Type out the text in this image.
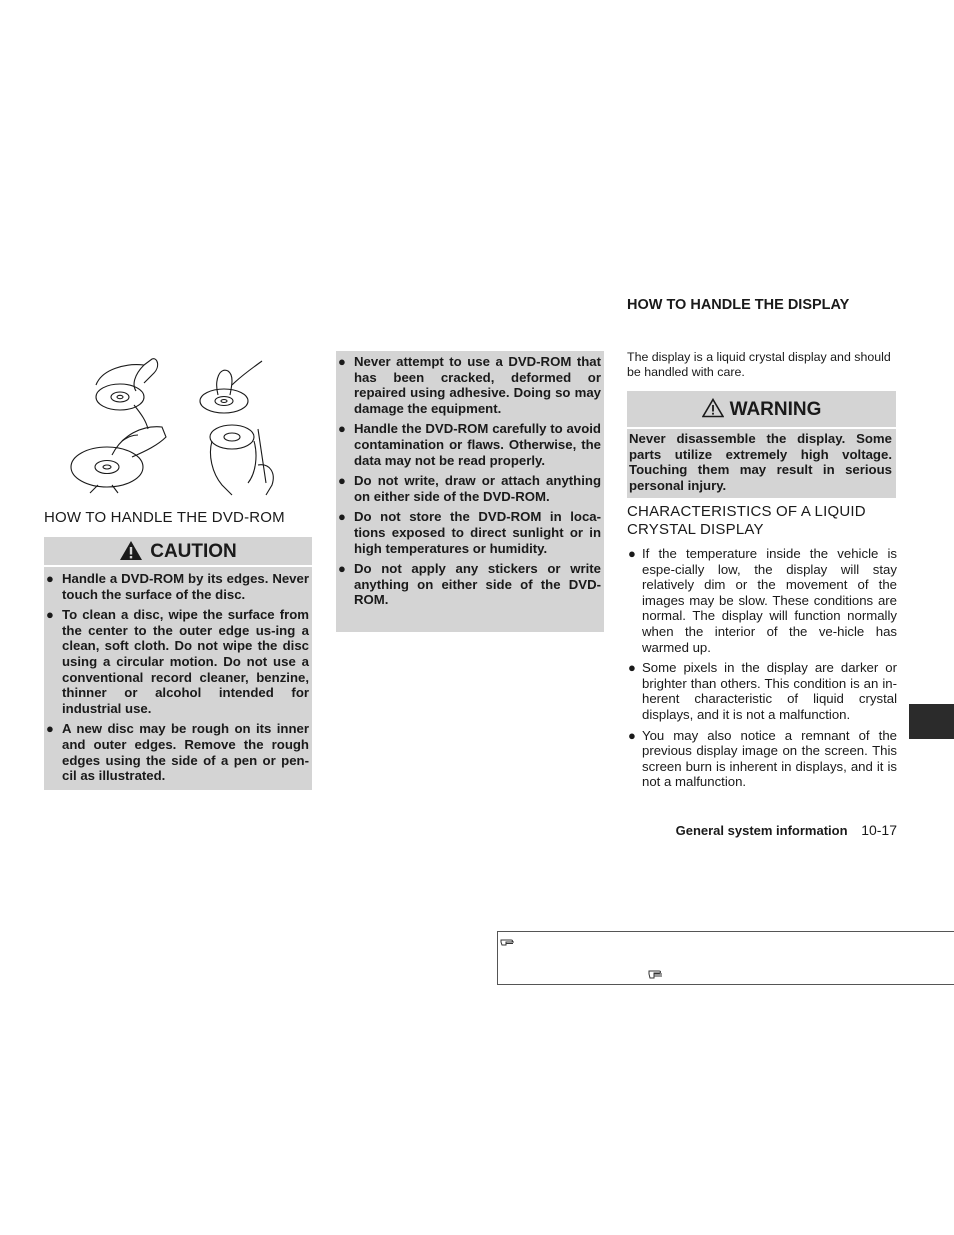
HOW TO HANDLE THE DVD-ROM
CAUTION
● Handle a DVD-ROM by its edges. Never touch the surface of the disc.
● To clean a disc, wipe the surface from the center to the outer edge us-ing a clean, soft cloth. Do not wipe the disc using a circular motion. Do not use a conventional record cleaner, benzine, thinner or alcohol intended for industrial use.
● A new disc may be rough on its inner and outer edges. Remove the rough edges using the side of a pen or pen-cil as illustrated.
● Never attempt to use a DVD-ROM that has been cracked, deformed or repaired using adhesive. Doing so may damage the equipment.
● Handle the DVD-ROM carefully to avoid contamination or flaws. Otherwise, the data may not be read properly.
● Do not write, draw or attach anything on either side of the DVD-ROM.
● Do not store the DVD-ROM in loca-tions exposed to direct sunlight or in high temperatures or humidity.
● Do not apply any stickers or write anything on either side of the DVD-ROM.
HOW TO HANDLE THE DISPLAY
The display is a liquid crystal display and should be handled with care.
WARNING
Never disassemble the display. Some parts utilize extremely high voltage. Touching them may result in serious personal injury.
CHARACTERISTICS OF A LIQUID
CRYSTAL DISPLAY
● If the temperature inside the vehicle is espe-cially low, the display will stay relatively dim or the movement of the images may be slow. These conditions are normal. The display will function normally when the interior of the ve-hicle has warmed up.
● Some pixels in the display are darker or brighter than others. This condition is an in-herent characteristic of liquid crystal displays, and it is not a malfunction.
● You may also notice a remnant of the previous display image on the screen. This screen burn is inherent in displays, and it is not a malfunction.
General system information 10-17
